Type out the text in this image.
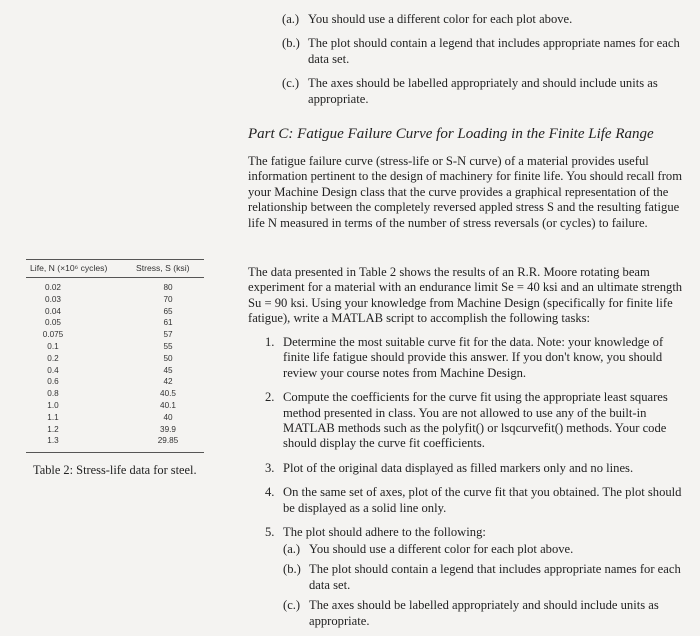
(a.) You should use a different color for each plot above.
(b.) The plot should contain a legend that includes appropriate names for each data set.
(c.) The axes should be labelled appropriately and should include units as appropriate.
Part C: Fatigue Failure Curve for Loading in the Finite Life Range
The fatigue failure curve (stress-life or S-N curve) of a material provides useful information pertinent to the design of machinery for finite life. You should recall from your Machine Design class that the curve provides a graphical representation of the relationship between the completely reversed appled stress S and the resulting fatigue life N measured in terms of the number of stress reversals (or cycles) to failure.
The data presented in Table 2 shows the results of an R.R. Moore rotating beam experiment for a material with an endurance limit Se = 40 ksi and an ultimate strength Su = 90 ksi. Using your knowledge from Machine Design (specifically for finite life fatigue), write a MATLAB script to accomplish the following tasks:
1. Determine the most suitable curve fit for the data. Note: your knowledge of finite life fatigue should provide this answer. If you don't know, you should review your course notes from Machine Design.
2. Compute the coefficients for the curve fit using the appropriate least squares method presented in class. You are not allowed to use any of the built-in MATLAB methods such as the polyfit() or lsqcurvefit() methods. Your code should display the curve fit coefficients.
3. Plot of the original data displayed as filled markers only and no lines.
4. On the same set of axes, plot of the curve fit that you obtained. The plot should be displayed as a solid line only.
5. The plot should adhere to the following:
(a.) You should use a different color for each plot above.
(b.) The plot should contain a legend that includes appropriate names for each data set.
(c.) The axes should be labelled appropriately and should include units as appropriate.
Life, N (×10⁶ cycles)	Stress, S (ksi)
0.02	80
0.03	70
0.04	65
0.05	61
0.075	57
0.1	55
0.2	50
0.4	45
0.6	42
0.8	40.5
1.0	40.1
1.1	40
1.2	39.9
1.3	29.85
Table 2: Stress-life data for steel.
